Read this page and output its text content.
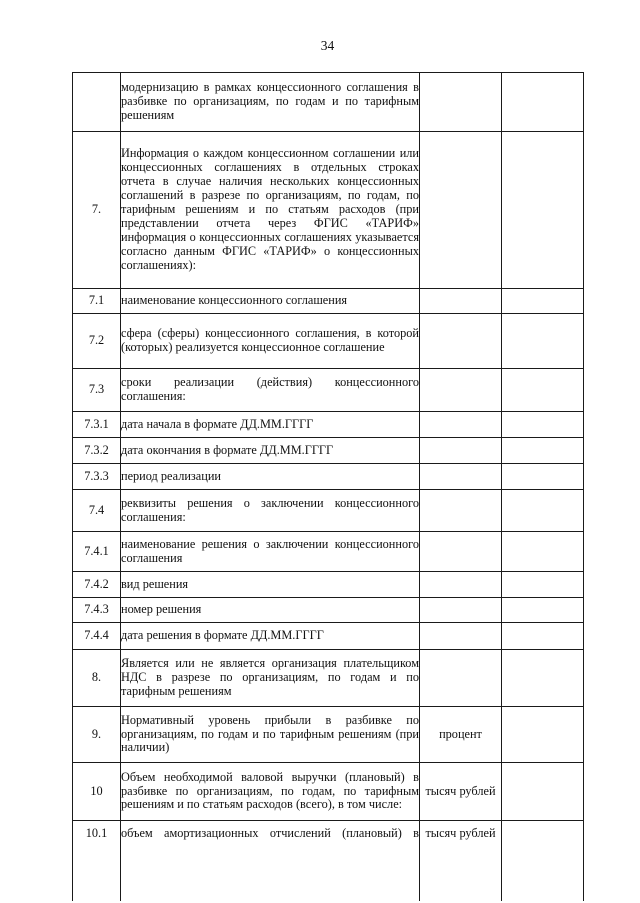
34
	модернизацию в рамках концессионного соглашения в разбивке по организациям, по годам и по тарифным решениям		
7.	Информация о каждом концессионном соглашении или концессионных соглашениях в отдельных строках отчета в случае наличия нескольких концессионных соглашений в разрезе по организациям, по годам, по тарифным решениям и по статьям расходов (при представлении отчета через ФГИС «ТАРИФ» информация о концессионных соглашениях указывается согласно данным ФГИС «ТАРИФ» о концессионных соглашениях):		
7.1	наименование концессионного соглашения		
7.2	сфера (сферы) концессионного соглашения, в которой (которых) реализуется концессионное соглашение		
7.3	сроки реализации (действия) концессионного соглашения:		
7.3.1	дата начала в формате ДД.ММ.ГГГГ		
7.3.2	дата окончания в формате ДД.ММ.ГГГГ		
7.3.3	период реализации		
7.4	реквизиты решения о заключении концессионного соглашения:		
7.4.1	наименование решения о заключении концессионного соглашения		
7.4.2	вид решения		
7.4.3	номер решения		
7.4.4	дата решения в формате ДД.ММ.ГГГГ		
8.	Является или не является организация плательщиком НДС в разрезе по организациям, по годам и по тарифным решениям		
9.	Нормативный уровень прибыли в разбивке по организациям, по годам и по тарифным решениям (при наличии)	процент	
10	Объем необходимой валовой выручки (плановый) в разбивке по организациям, по годам, по тарифным решениям и по статьям расходов (всего), в том числе:	тысяч рублей	
10.1	объем амортизационных отчислений (плановый) в	тысяч рублей	
